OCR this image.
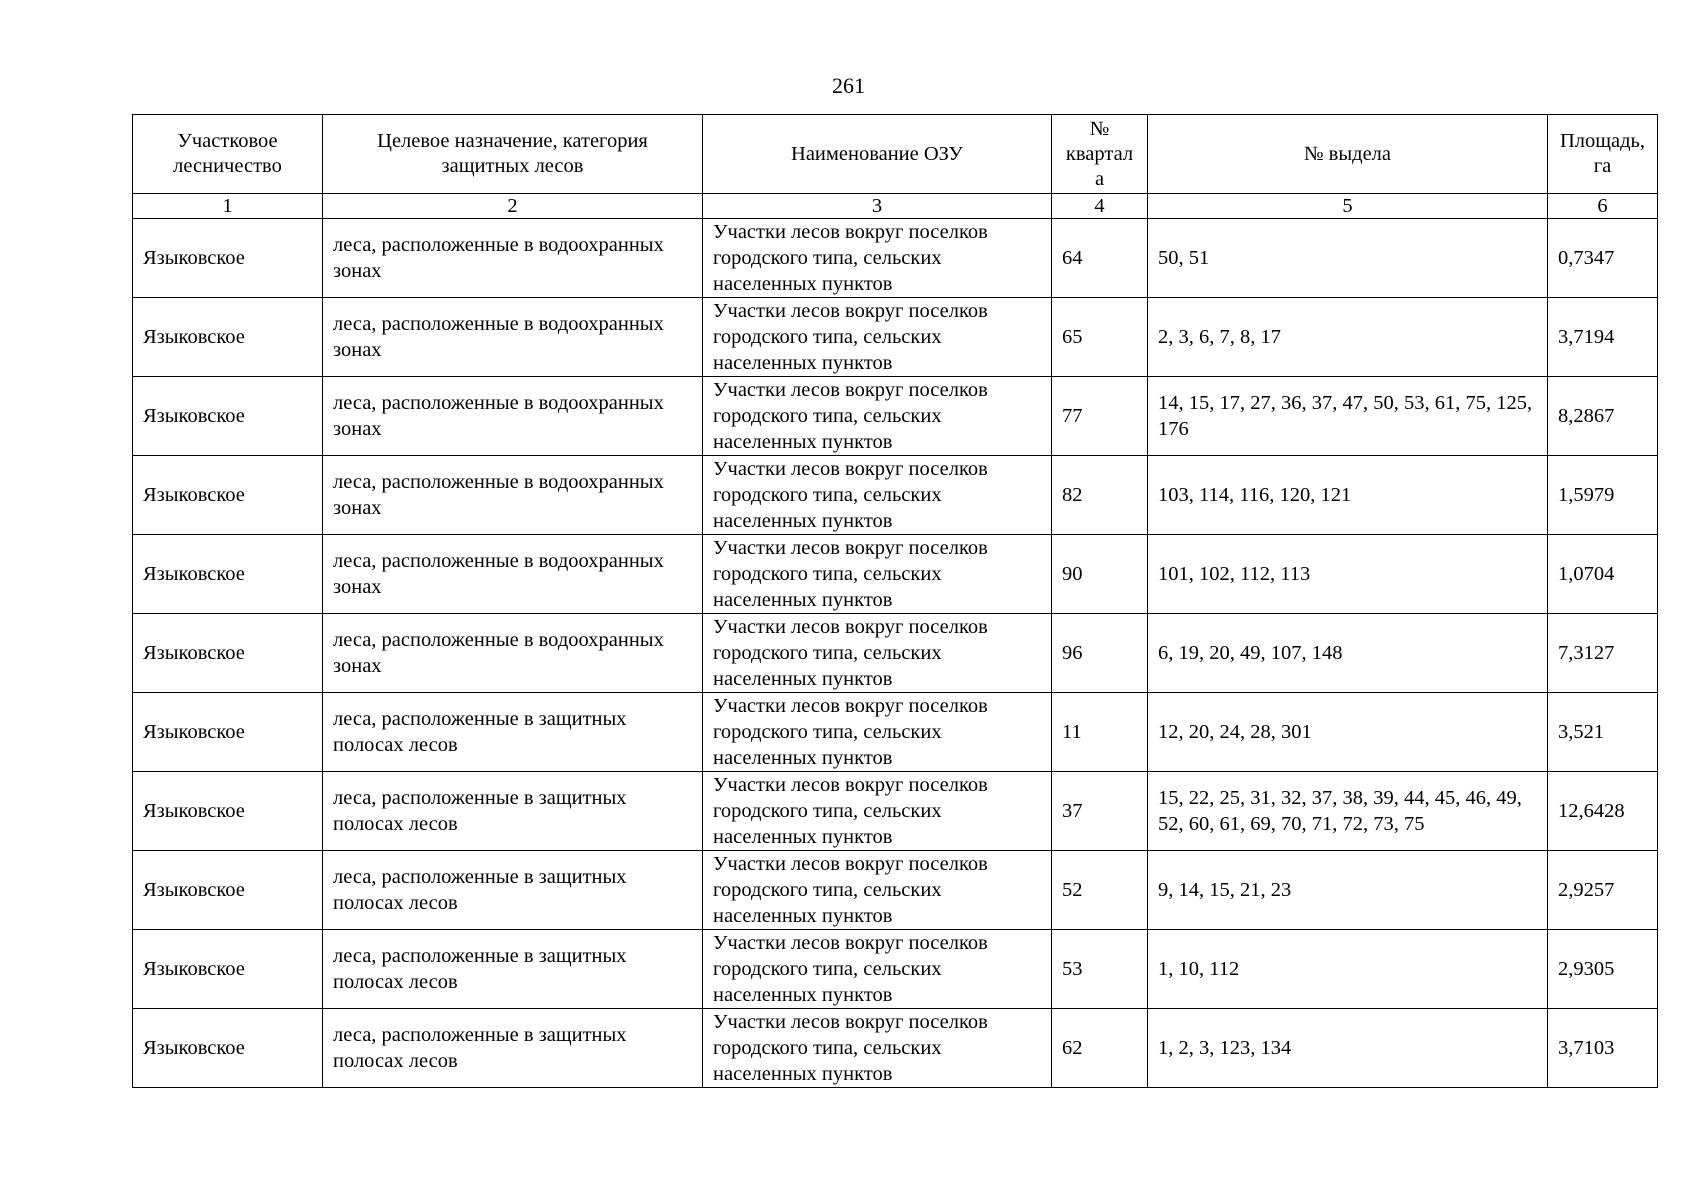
261
Участковое лесничество	Целевое назначение, категория защитных лесов	Наименование ОЗУ	№ квартал а	№ выдела	Площадь, га
1	2	3	4	5	6
Языковское	леса, расположенные в водоохранных зонах	Участки лесов вокруг поселков городского типа, сельских населенных пунктов	64	50, 51	0,7347
Языковское	леса, расположенные в водоохранных зонах	Участки лесов вокруг поселков городского типа, сельских населенных пунктов	65	2, 3, 6, 7, 8, 17	3,7194
Языковское	леса, расположенные в водоохранных зонах	Участки лесов вокруг поселков городского типа, сельских населенных пунктов	77	14, 15, 17, 27, 36, 37, 47, 50, 53, 61, 75, 125, 176	8,2867
Языковское	леса, расположенные в водоохранных зонах	Участки лесов вокруг поселков городского типа, сельских населенных пунктов	82	103, 114, 116, 120, 121	1,5979
Языковское	леса, расположенные в водоохранных зонах	Участки лесов вокруг поселков городского типа, сельских населенных пунктов	90	101, 102, 112, 113	1,0704
Языковское	леса, расположенные в водоохранных зонах	Участки лесов вокруг поселков городского типа, сельских населенных пунктов	96	6, 19, 20, 49, 107, 148	7,3127
Языковское	леса, расположенные в защитных полосах лесов	Участки лесов вокруг поселков городского типа, сельских населенных пунктов	11	12, 20, 24, 28, 301	3,521
Языковское	леса, расположенные в защитных полосах лесов	Участки лесов вокруг поселков городского типа, сельских населенных пунктов	37	15, 22, 25, 31, 32, 37, 38, 39, 44, 45, 46, 49, 52, 60, 61, 69, 70, 71, 72, 73, 75	12,6428
Языковское	леса, расположенные в защитных полосах лесов	Участки лесов вокруг поселков городского типа, сельских населенных пунктов	52	9, 14, 15, 21, 23	2,9257
Языковское	леса, расположенные в защитных полосах лесов	Участки лесов вокруг поселков городского типа, сельских населенных пунктов	53	1, 10, 112	2,9305
Языковское	леса, расположенные в защитных полосах лесов	Участки лесов вокруг поселков городского типа, сельских населенных пунктов	62	1, 2, 3, 123, 134	3,7103
